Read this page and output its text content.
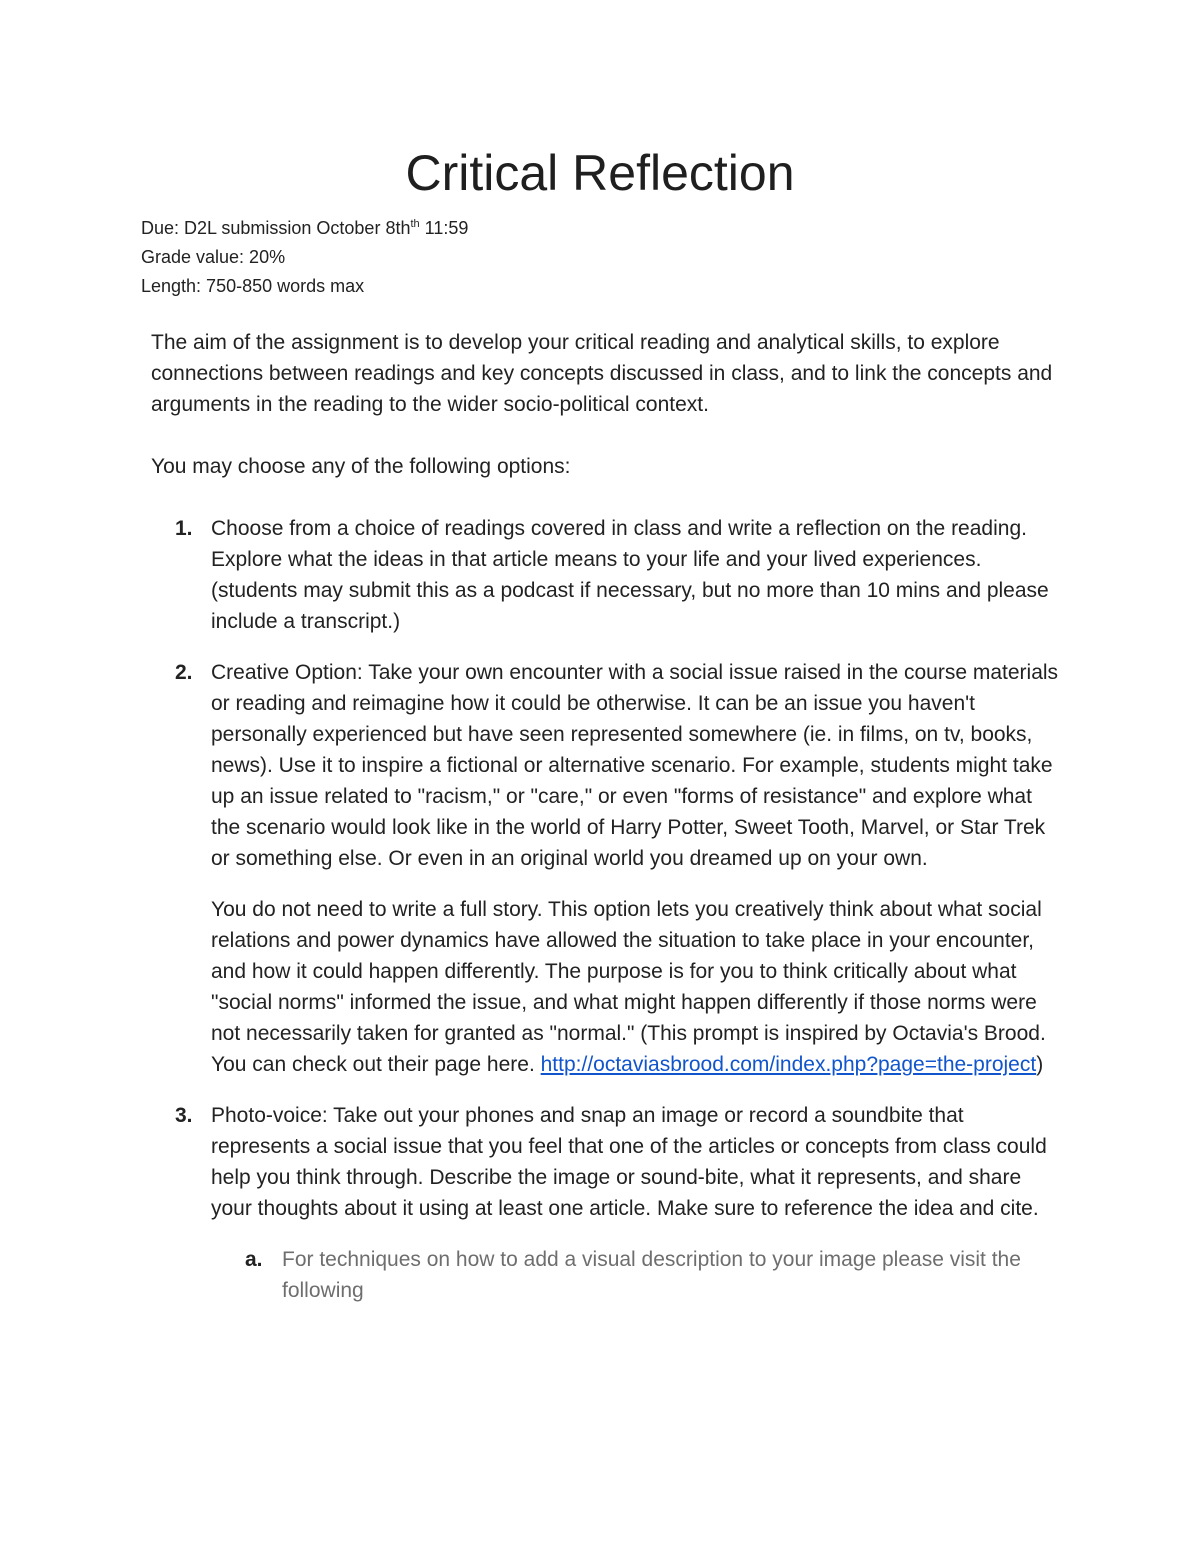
Critical Reflection
Due: D2L submission October $8th^{th}$ 11:59
Grade value: 20%
Length: 750-850 words max

The aim of the assignment is to develop your critical reading and analytical skills, to explore connections between readings and key concepts discussed in class, and to link the concepts and arguments in the reading to the wider socio-political context.

You may choose any of the following options:

1. Choose from a choice of readings covered in class and write a reflection on the reading. Explore what the ideas in that article means to your life and your lived experiences. (students may submit this as a podcast if necessary, but no more than 10 mins and please include a transcript.)

2. Creative Option: Take your own encounter with a social issue raised in the course materials or reading and reimagine how it could be otherwise. It can be an issue you haven't personally experienced but have seen represented somewhere (ie. in films, on tv, books, news). Use it to inspire a fictional or alternative scenario. For example, students might take up an issue related to "racism," or "care," or even "forms of resistance" and explore what the scenario would look like in the world of Harry Potter, Sweet Tooth, Marvel, or Star Trek or something else. Or even in an original world you dreamed up on your own.

You do not need to write a full story. This option lets you creatively think about what social relations and power dynamics have allowed the situation to take place in your encounter, and how it could happen differently. The purpose is for you to think critically about what "social norms" informed the issue, and what might happen differently if those norms were not necessarily taken for granted as "normal." (This prompt is inspired by Octavia's Brood. You can check out their page here. http://octaviasbrood.com/index.php?page=the-project)

3. Photo-voice: Take out your phones and snap an image or record a soundbite that represents a social issue that you feel that one of the articles or concepts from class could help you think through. Describe the image or sound-bite, what it represents, and share your thoughts about it using at least one article. Make sure to reference the idea and cite.

a. For techniques on how to add a visual description to your image please visit the following
